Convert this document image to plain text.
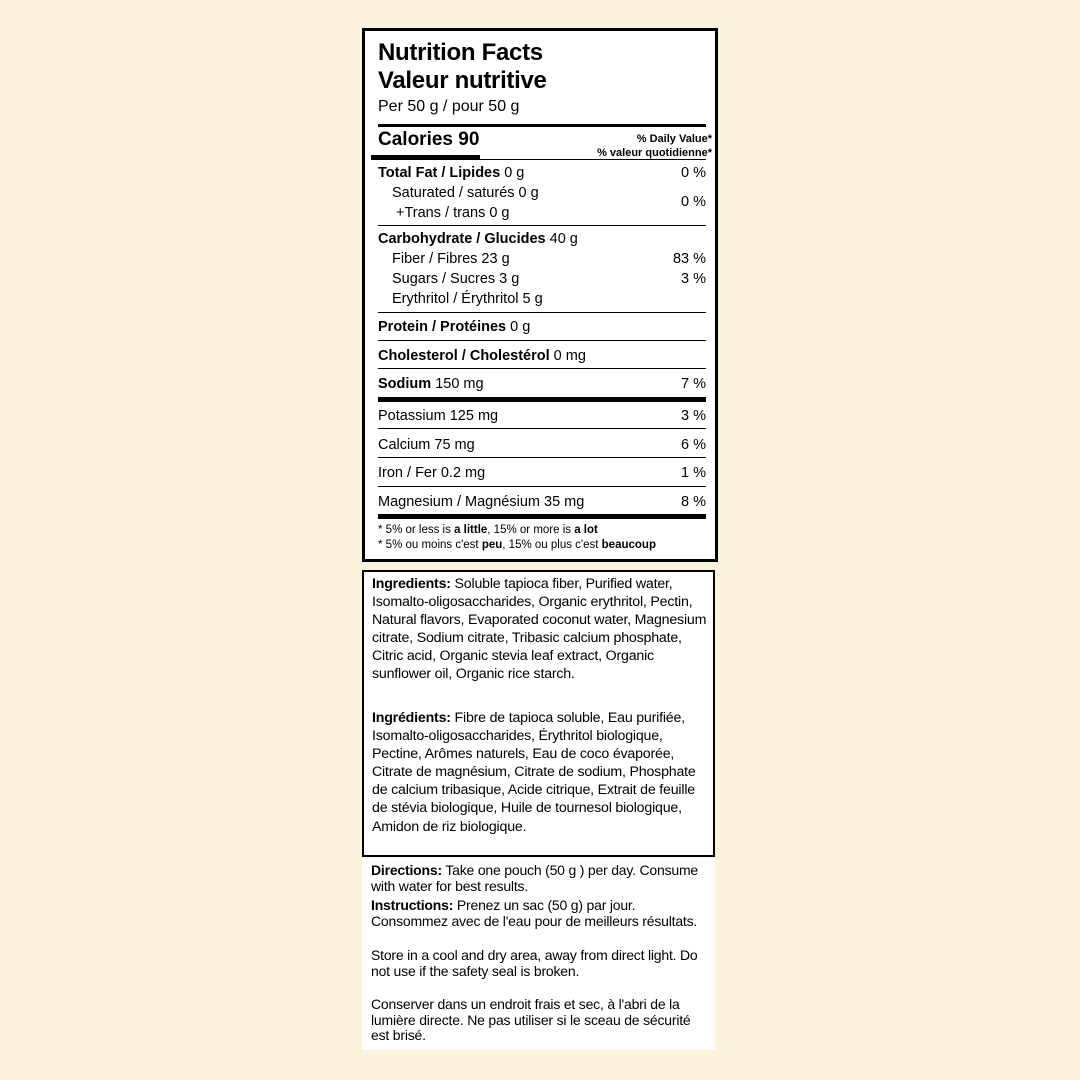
Nutrition Facts
Valeur nutritive
Per 50 g / pour 50 g
Calories 90	% Daily Value*
% valeur quotidienne*
Total Fat / Lipides 0 g	0 %
Saturated / saturés 0 g
+Trans / trans 0 g
0 %
Carbohydrate / Glucides 40 g
Fiber / Fibres 23 g	83 %
Sugars / Sucres 3 g	3 %
Erythritol / Érythritol 5 g
Protein / Protéines 0 g
Cholesterol / Cholestérol 0 mg
Sodium 150 mg	7 %
Potassium 125 mg	3 %
Calcium 75 mg	6 %
Iron / Fer 0.2 mg	1 %
Magnesium / Magnésium 35 mg	8 %
* 5% or less is a little, 15% or more is a lot
* 5% ou moins c'est peu, 15% ou plus c'est beaucoup

Ingredients: Soluble tapioca fiber, Purified water, Isomalto-oligosaccharides, Organic erythritol, Pectin, Natural flavors, Evaporated coconut water, Magnesium citrate, Sodium citrate, Tribasic calcium phosphate, Citric acid, Organic stevia leaf extract, Organic sunflower oil, Organic rice starch.

Ingrédients: Fibre de tapioca soluble, Eau purifiée, Isomalto-oligosaccharides, Érythritol biologique, Pectine, Arômes naturels, Eau de coco évaporée, Citrate de magnésium, Citrate de sodium, Phosphate de calcium tribasique, Acide citrique, Extrait de feuille de stévia biologique, Huile de tournesol biologique, Amidon de riz biologique.

Directions: Take one pouch (50 g ) per day. Consume with water for best results.

Instructions: Prenez un sac (50 g) par jour. Consommez avec de l'eau pour de meilleurs résultats.

Store in a cool and dry area, away from direct light. Do not use if the safety seal is broken.

Conserver dans un endroit frais et sec, à l'abri de la lumière directe. Ne pas utiliser si le sceau de sécurité est brisé.
